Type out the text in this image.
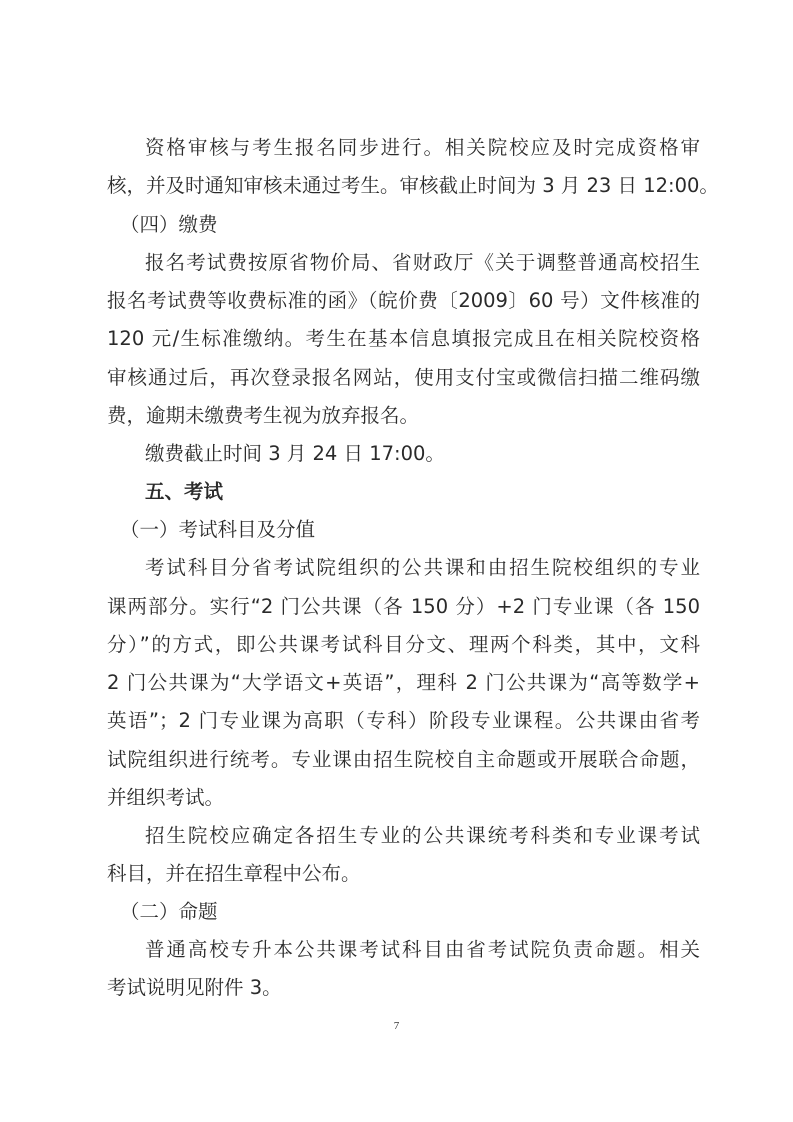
资格审核与考生报名同步进行。相关院校应及时完成资格审
核，并及时通知审核未通过考生。审核截止时间为 3 月 23 日 12:00。
（四）缴费
报名考试费按原省物价局、省财政厅《关于调整普通高校招生
报名考试费等收费标准的函》（皖价费〔2009〕60 号）文件核准的
120 元/生标准缴纳。考生在基本信息填报完成且在相关院校资格
审核通过后，再次登录报名网站，使用支付宝或微信扫描二维码缴
费，逾期未缴费考生视为放弃报名。
缴费截止时间 3 月 24 日 17:00。
五、考试
（一）考试科目及分值
考试科目分省考试院组织的公共课和由招生院校组织的专业
课两部分。实行“2 门公共课（各 150 分）+2 门专业课（各 150
分）”的方式，即公共课考试科目分文、理两个科类，其中，文科
2 门公共课为“大学语文+英语”，理科 2 门公共课为“高等数学+
英语”；2 门专业课为高职（专科）阶段专业课程。公共课由省考
试院组织进行统考。专业课由招生院校自主命题或开展联合命题，
并组织考试。
招生院校应确定各招生专业的公共课统考科类和专业课考试
科目，并在招生章程中公布。
（二）命题
普通高校专升本公共课考试科目由省考试院负责命题。相关
考试说明见附件 3。
7
